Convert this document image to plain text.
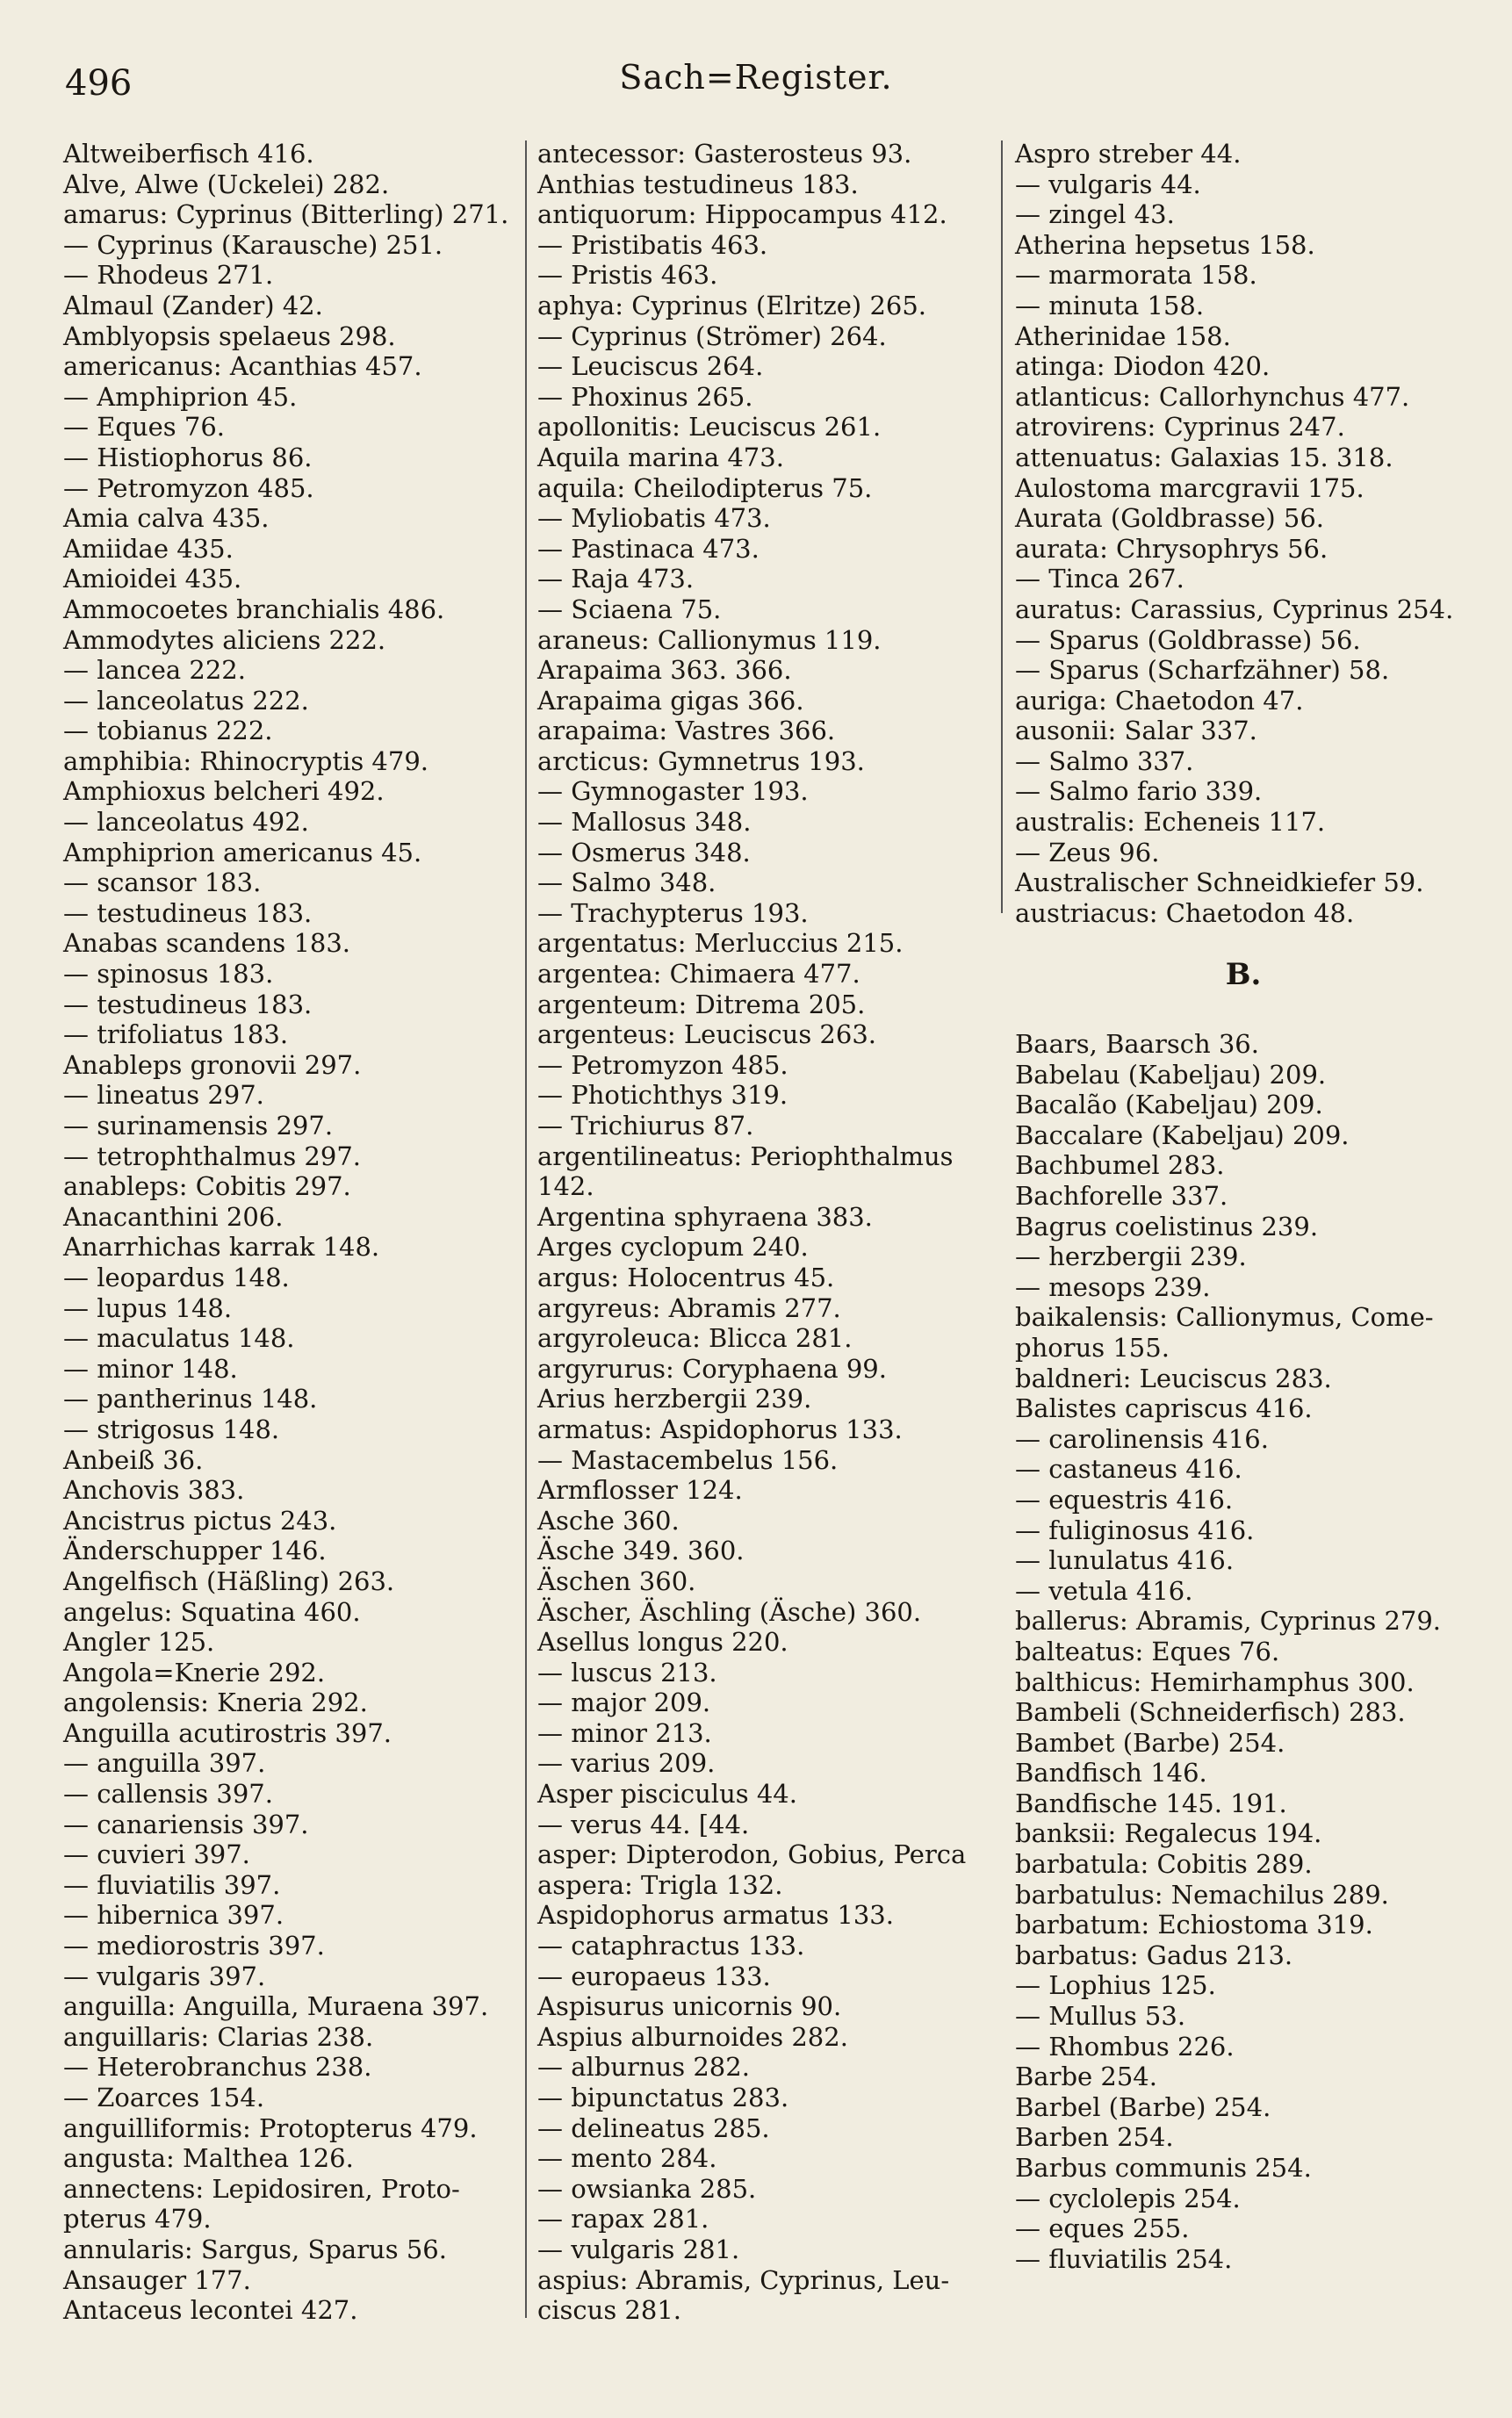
496	Sach=Register.
Altweiberfisch 416.
Alve, Alwe (Uckelei) 282.
amarus: Cyprinus (Bitterling) 271.
— Cyprinus (Karausche) 251.
— Rhodeus 271.
Almaul (Zander) 42.
Amblyopsis spelaeus 298.
americanus: Acanthias 457.
— Amphiprion 45.
— Eques 76.
— Histiophorus 86.
— Petromyzon 485.
Amia calva 435.
Amiidae 435.
Amioidei 435.
Ammocoetes branchialis 486.
Ammodytes aliciens 222.
— lancea 222.
— lanceolatus 222.
— tobianus 222.
amphibia: Rhinocryptis 479.
Amphioxus belcheri 492.
— lanceolatus 492.
Amphiprion americanus 45.
— scansor 183.
— testudineus 183.
Anabas scandens 183.
— spinosus 183.
— testudineus 183.
— trifoliatus 183.
Anableps gronovii 297.
— lineatus 297.
— surinamensis 297.
— tetrophthalmus 297.
anableps: Cobitis 297.
Anacanthini 206.
Anarrhichas karrak 148.
— leopardus 148.
— lupus 148.
— maculatus 148.
— minor 148.
— pantherinus 148.
— strigosus 148.
Anbeiß 36.
Anchovis 383.
Ancistrus pictus 243.
Änderschupper 146.
Angelfisch (Häßling) 263.
angelus: Squatina 460.
Angler 125.
Angola=Knerie 292.
angolensis: Kneria 292.
Anguilla acutirostris 397.
— anguilla 397.
— callensis 397.
— canariensis 397.
— cuvieri 397.
— fluviatilis 397.
— hibernica 397.
— mediorostris 397.
— vulgaris 397.
anguilla: Anguilla, Muraena 397.
anguillaris: Clarias 238.
— Heterobranchus 238.
— Zoarces 154.
anguilliformis: Protopterus 479.
angusta: Malthea 126.
annectens: Lepidosiren, Proto-
pterus 479.
annularis: Sargus, Sparus 56.
Ansauger 177.
Antaceus lecontei 427.
antecessor: Gasterosteus 93.
Anthias testudineus 183.
antiquorum: Hippocampus 412.
— Pristibatis 463.
— Pristis 463.
aphya: Cyprinus (Elritze) 265.
— Cyprinus (Strömer) 264.
— Leuciscus 264.
— Phoxinus 265.
apollonitis: Leuciscus 261.
Aquila marina 473.
aquila: Cheilodipterus 75.
— Myliobatis 473.
— Pastinaca 473.
— Raja 473.
— Sciaena 75.
araneus: Callionymus 119.
Arapaima 363. 366.
Arapaima gigas 366.
arapaima: Vastres 366.
arcticus: Gymnetrus 193.
— Gymnogaster 193.
— Mallosus 348.
— Osmerus 348.
— Salmo 348.
— Trachypterus 193.
argentatus: Merluccius 215.
argentea: Chimaera 477.
argenteum: Ditrema 205.
argenteus: Leuciscus 263.
— Petromyzon 485.
— Photichthys 319.
— Trichiurus 87.
argentilineatus: Periophthalmus
142.
Argentina sphyraena 383.
Arges cyclopum 240.
argus: Holocentrus 45.
argyreus: Abramis 277.
argyroleuca: Blicca 281.
argyrurus: Coryphaena 99.
Arius herzbergii 239.
armatus: Aspidophorus 133.
— Mastacembelus 156.
Armflosser 124.
Asche 360.
Äsche 349. 360.
Äschen 360.
Äscher, Äschling (Äsche) 360.
Asellus longus 220.
— luscus 213.
— major 209.
— minor 213.
— varius 209.
Asper pisciculus 44.
— verus 44. [44.
asper: Dipterodon, Gobius, Perca
aspera: Trigla 132.
Aspidophorus armatus 133.
— cataphractus 133.
— europaeus 133.
Aspisurus unicornis 90.
Aspius alburnoides 282.
— alburnus 282.
— bipunctatus 283.
— delineatus 285.
— mento 284.
— owsianka 285.
— rapax 281.
— vulgaris 281.
aspius: Abramis, Cyprinus, Leu-
ciscus 281.
Aspro streber 44.
— vulgaris 44.
— zingel 43.
Atherina hepsetus 158.
— marmorata 158.
— minuta 158.
Atherinidae 158.
atinga: Diodon 420.
atlanticus: Callorhynchus 477.
atrovirens: Cyprinus 247.
attenuatus: Galaxias 15. 318.
Aulostoma marcgravii 175.
Aurata (Goldbrasse) 56.
aurata: Chrysophrys 56.
— Tinca 267.
auratus: Carassius, Cyprinus 254.
— Sparus (Goldbrasse) 56.
— Sparus (Scharfzähner) 58.
auriga: Chaetodon 47.
ausonii: Salar 337.
— Salmo 337.
— Salmo fario 339.
australis: Echeneis 117.
— Zeus 96.
Australischer Schneidkiefer 59.
austriacus: Chaetodon 48.
B.
Baars, Baarsch 36.
Babelau (Kabeljau) 209.
Bacalão (Kabeljau) 209.
Baccalare (Kabeljau) 209.
Bachbumel 283.
Bachforelle 337.
Bagrus coelistinus 239.
— herzbergii 239.
— mesops 239.
baikalensis: Callionymus, Come-
phorus 155.
baldneri: Leuciscus 283.
Balistes capriscus 416.
— carolinensis 416.
— castaneus 416.
— equestris 416.
— fuliginosus 416.
— lunulatus 416.
— vetula 416.
ballerus: Abramis, Cyprinus 279.
balteatus: Eques 76.
balthicus: Hemirhamphus 300.
Bambeli (Schneiderfisch) 283.
Bambet (Barbe) 254.
Bandfisch 146.
Bandfische 145. 191.
banksii: Regalecus 194.
barbatula: Cobitis 289.
barbatulus: Nemachilus 289.
barbatum: Echiostoma 319.
barbatus: Gadus 213.
— Lophius 125.
— Mullus 53.
— Rhombus 226.
Barbe 254.
Barbel (Barbe) 254.
Barben 254.
Barbus communis 254.
— cyclolepis 254.
— eques 255.
— fluviatilis 254.
